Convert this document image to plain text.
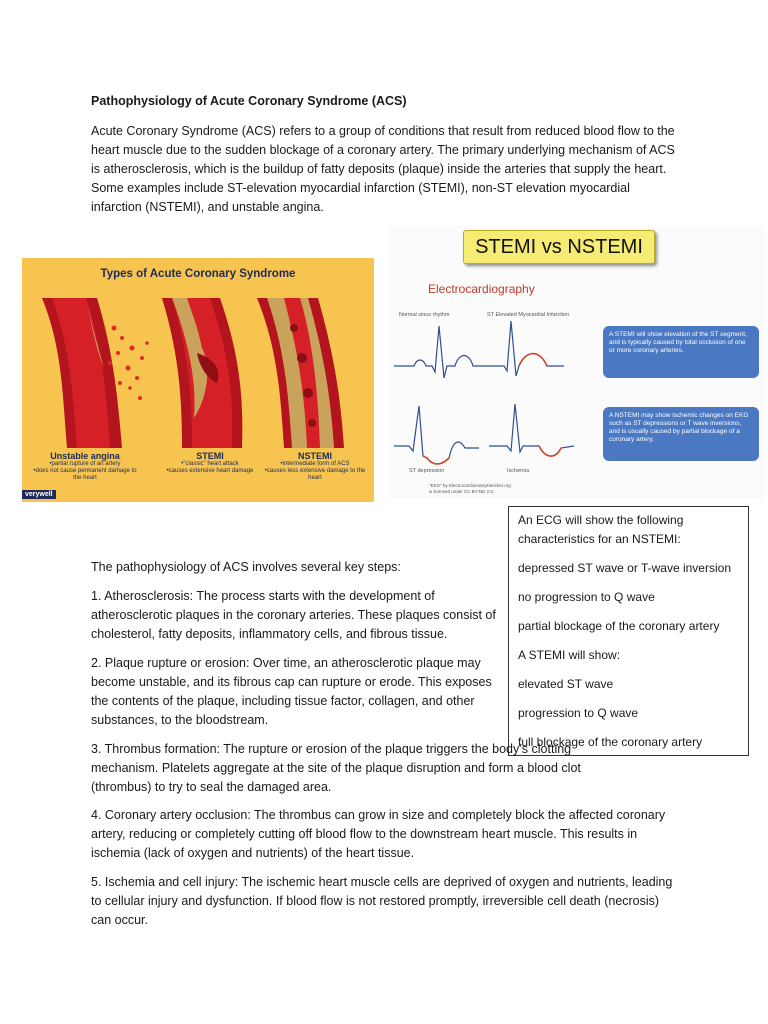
Pathophysiology of Acute Coronary Syndrome (ACS)
Acute Coronary Syndrome (ACS) refers to a group of conditions that result from reduced blood flow to the heart muscle due to the sudden blockage of a coronary artery. The primary underlying mechanism of ACS is atherosclerosis, which is the buildup of fatty deposits (plaque) inside the arteries that supply the heart. Some examples include ST-elevation myocardial infarction (STEMI), non-ST elevation myocardial infarction (NSTEMI), and unstable angina.
Types of Acute Coronary Syndrome
Unstable angina
•partial rupture of an artery
•does not cause permanent damage to the heart
STEMI
•"classic" heart attack
•causes extensive heart damage
NSTEMI
•intermediate form of ACS
•causes less extensive damage to the heart
verywell
STEMI vs NSTEMI
Electrocardiography
Normal sinus rhythm	ST Elevated Myocardial Infarction
ST depression	Ischemia
"EKG" by Electrocardiomatrykinecker.org
is licensed under CC BY-ND 2.0.
A STEMI will show elevation of the ST segment, and is typically caused by total occlusion of one or more coronary arteries.
A NSTEMI may show ischemic changes on EKG such as ST depressions or T wave inversions, and is usually caused by partial blockage of a coronary artery.
An ECG will show the following characteristics for an NSTEMI:
depressed ST wave or T-wave inversion
no progression to Q wave
partial blockage of the coronary artery
A STEMI will show:
elevated ST wave
progression to Q wave
full blockage of the coronary artery
The pathophysiology of ACS involves several key steps:
1. Atherosclerosis: The process starts with the development of atherosclerotic plaques in the coronary arteries. These plaques consist of cholesterol, fatty deposits, inflammatory cells, and fibrous tissue.
2. Plaque rupture or erosion: Over time, an atherosclerotic plaque may become unstable, and its fibrous cap can rupture or erode. This exposes the contents of the plaque, including tissue factor, collagen, and other substances, to the bloodstream.
3. Thrombus formation: The rupture or erosion of the plaque triggers the body’s clotting mechanism. Platelets aggregate at the site of the plaque disruption and form a blood clot (thrombus) to try to seal the damaged area.
4. Coronary artery occlusion: The thrombus can grow in size and completely block the affected coronary artery, reducing or completely cutting off blood flow to the downstream heart muscle. This results in ischemia (lack of oxygen and nutrients) of the heart tissue.
5. Ischemia and cell injury: The ischemic heart muscle cells are deprived of oxygen and nutrients, leading to cellular injury and dysfunction. If blood flow is not restored promptly, irreversible cell death (necrosis) can occur.
